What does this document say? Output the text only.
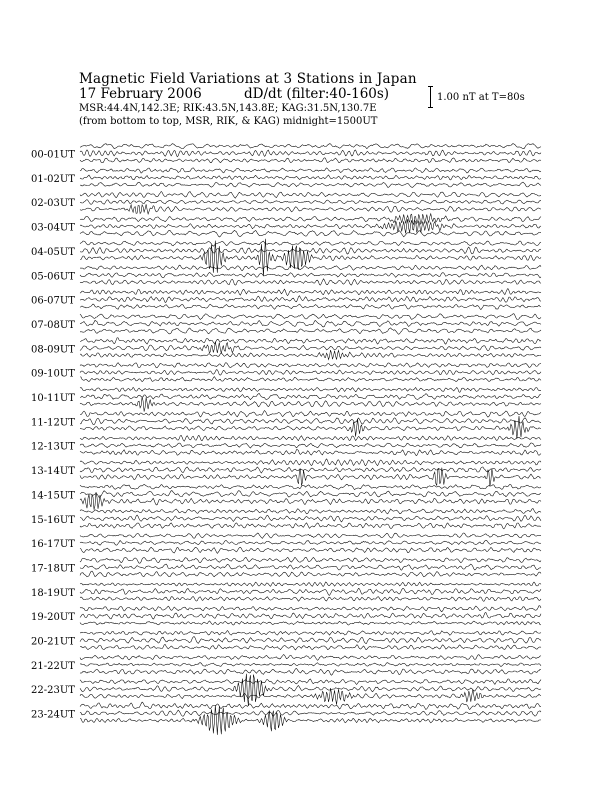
Magnetic Field Variations at 3 Stations in Japan
17 February 2006	dD/dt (filter:40-160s)
MSR:44.4N,142.3E; RIK:43.5N,143.8E; KAG:31.5N,130.7E
(from bottom to top, MSR, RIK, & KAG) midnight=1500UT
1.00 nT at T=80s
00-01UT
01-02UT
02-03UT
03-04UT
04-05UT
05-06UT
06-07UT
07-08UT
08-09UT
09-10UT
10-11UT
11-12UT
12-13UT
13-14UT
14-15UT
15-16UT
16-17UT
17-18UT
18-19UT
19-20UT
20-21UT
21-22UT
22-23UT
23-24UT
